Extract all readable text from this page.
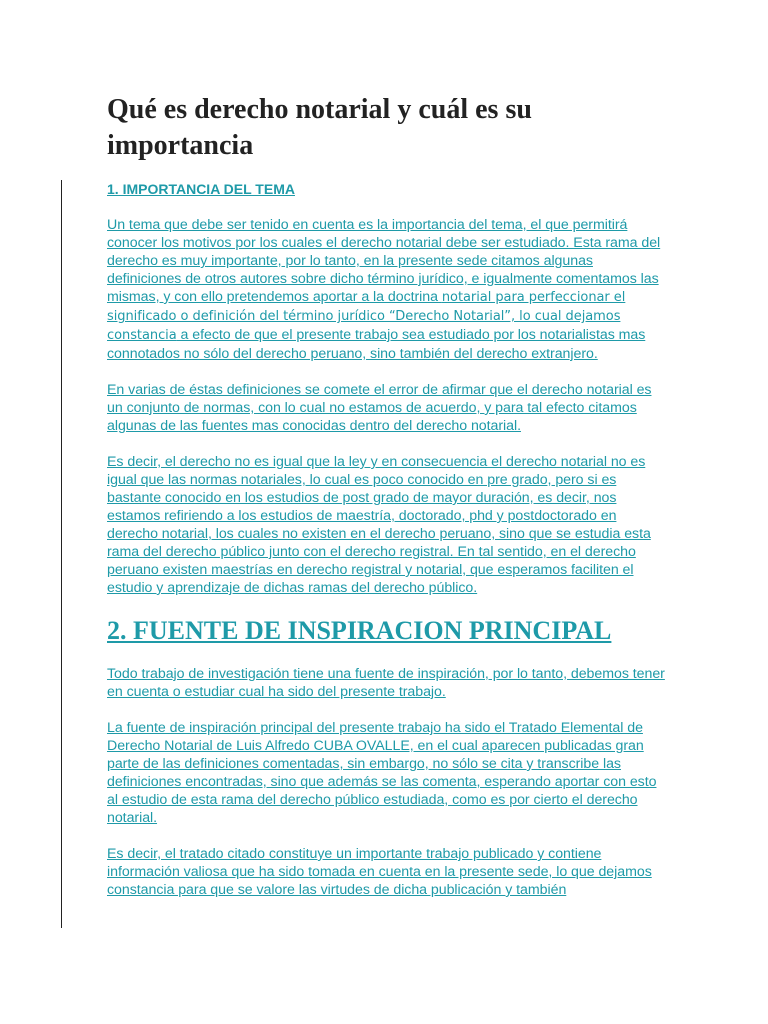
Qué es derecho notarial y cuál es su importancia
1. IMPORTANCIA DEL TEMA

Un tema que debe ser tenido en cuenta es la importancia del tema, el que permitirá conocer los motivos por los cuales el derecho notarial debe ser estudiado. Esta rama del derecho es muy importante, por lo tanto, en la presente sede citamos algunas definiciones de otros autores sobre dicho término jurídico, e igualmente comentamos las mismas, y con ello pretendemos aportar a la doctrina notarial para perfeccionar el significado o definición del término jurídico “Derecho Notarial”, lo cual dejamos constancia a efecto de que el presente trabajo sea estudiado por los notarialistas mas connotados no sólo del derecho peruano, sino también del derecho extranjero.

En varias de éstas definiciones se comete el error de afirmar que el derecho notarial es un conjunto de normas, con lo cual no estamos de acuerdo, y para tal efecto citamos algunas de las fuentes mas conocidas dentro del derecho notarial.

Es decir, el derecho no es igual que la ley y en consecuencia el derecho notarial no es igual que las normas notariales, lo cual es poco conocido en pre grado, pero si es bastante conocido en los estudios de post grado de mayor duración, es decir, nos estamos refiriendo a los estudios de maestría, doctorado, phd y postdoctorado en derecho notarial, los cuales no existen en el derecho peruano, sino que se estudia esta rama del derecho público junto con el derecho registral. En tal sentido, en el derecho peruano existen maestrías en derecho registral y notarial, que esperamos faciliten el estudio y aprendizaje de dichas ramas del derecho público.

2. FUENTE DE INSPIRACION PRINCIPAL

Todo trabajo de investigación tiene una fuente de inspiración, por lo tanto, debemos tener en cuenta o estudiar cual ha sido del presente trabajo.

La fuente de inspiración principal del presente trabajo ha sido el Tratado Elemental de Derecho Notarial de Luis Alfredo CUBA OVALLE, en el cual aparecen publicadas gran parte de las definiciones comentadas, sin embargo, no sólo se cita y transcribe las definiciones encontradas, sino que además se las comenta, esperando aportar con esto al estudio de esta rama del derecho público estudiada, como es por cierto el derecho notarial.

Es decir, el tratado citado constituye un importante trabajo publicado y contiene información valiosa que ha sido tomada en cuenta en la presente sede, lo que dejamos constancia para que se valore las virtudes de dicha publicación y también
